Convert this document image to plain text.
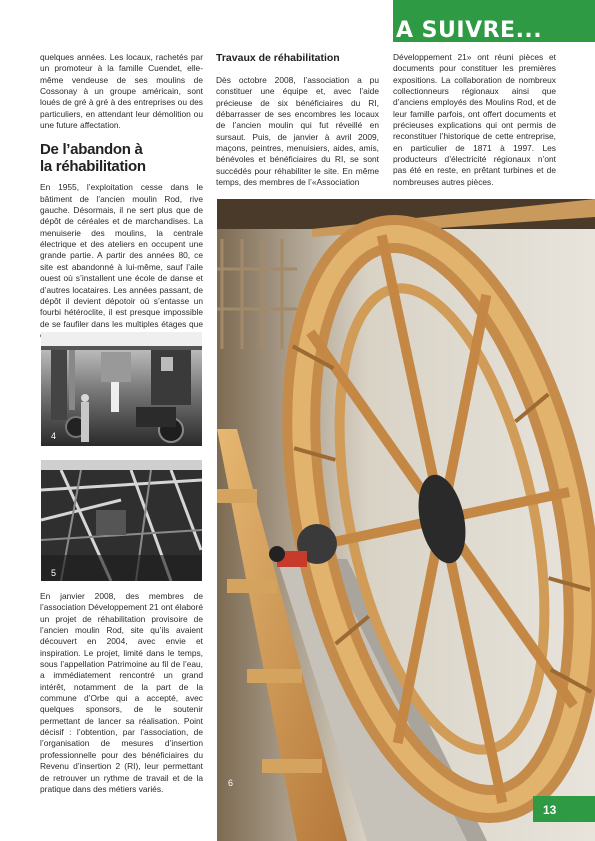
A SUIVRE...

quelques années. Les locaux, rachetés par un promoteur à la famille Cuendet, elle-même vendeuse de ses moulins de Cossonay à un groupe américain, sont loués de gré à gré à des entreprises ou des particuliers, en attendant leur démolition ou une future affectation.

De l’abandon à la réhabilitation

En 1955, l’exploitation cesse dans le bâtiment de l’ancien moulin Rod, rive gauche. Désormais, il ne sert plus que de dépôt de céréales et de marchandises. La menuiserie des moulins, la centrale électrique et des ateliers en occupent une grande partie. A partir des années 80, ce site est abandonné à lui-même, sauf l’aile ouest où s’installent une école de danse et d’autres locataires. Les années passant, de dépôt il devient dépotoir où s’entasse un fourbi hétéroclite, il est presque impossible de se faufiler dans les multiples étages que

4
5

En janvier 2008, des membres de l’association Développement 21 ont élaboré un projet de réhabilitation provisoire de l’ancien moulin Rod, site qu’ils avaient découvert en 2004, avec envie et inspiration. Le projet, limité dans le temps, sous l’appellation Patrimoine au fil de l’eau, a immédiatement rencontré un grand intérêt, notamment de la part de la commune d’Orbe qui a accepté, avec quelques sponsors, de le soutenir permettant de lancer sa réalisation. Point décisif : l’obtention, par l’association, de l’organisation de mesures d’insertion professionnelle pour des bénéficiaires du Revenu d’insertion 2 (RI), leur permettant de retrouver un rythme de travail et de la pratique dans des métiers variés.

Travaux de réhabilitation

Dès octobre 2008, l’association a pu constituer une équipe et, avec l’aide précieuse de six bénéficiaires du RI, débarrasser de ses encombres les locaux de l’ancien moulin qui fut réveillé en sursaut. Puis, de janvier à avril 2009, maçons, peintres, menuisiers, aides, amis, bénévoles et bénéficiaires du RI, se sont succédés pour réhabiliter le site. En même temps, des membres de l’«Association

Développement 21» ont réuni pièces et documents pour constituer les premières expositions. La collaboration de nombreux collectionneurs régionaux ainsi que d’anciens employés des Moulins Rod, et de leur famille parfois, ont offert documents et précieuses explications qui ont permis de reconstituer l’historique de cette entreprise, en particulier de 1871 à 1997. Les producteurs d’électricité régionaux n’ont pas été en reste, en prêtant turbines et de nombreuses autres pièces.

6
13
